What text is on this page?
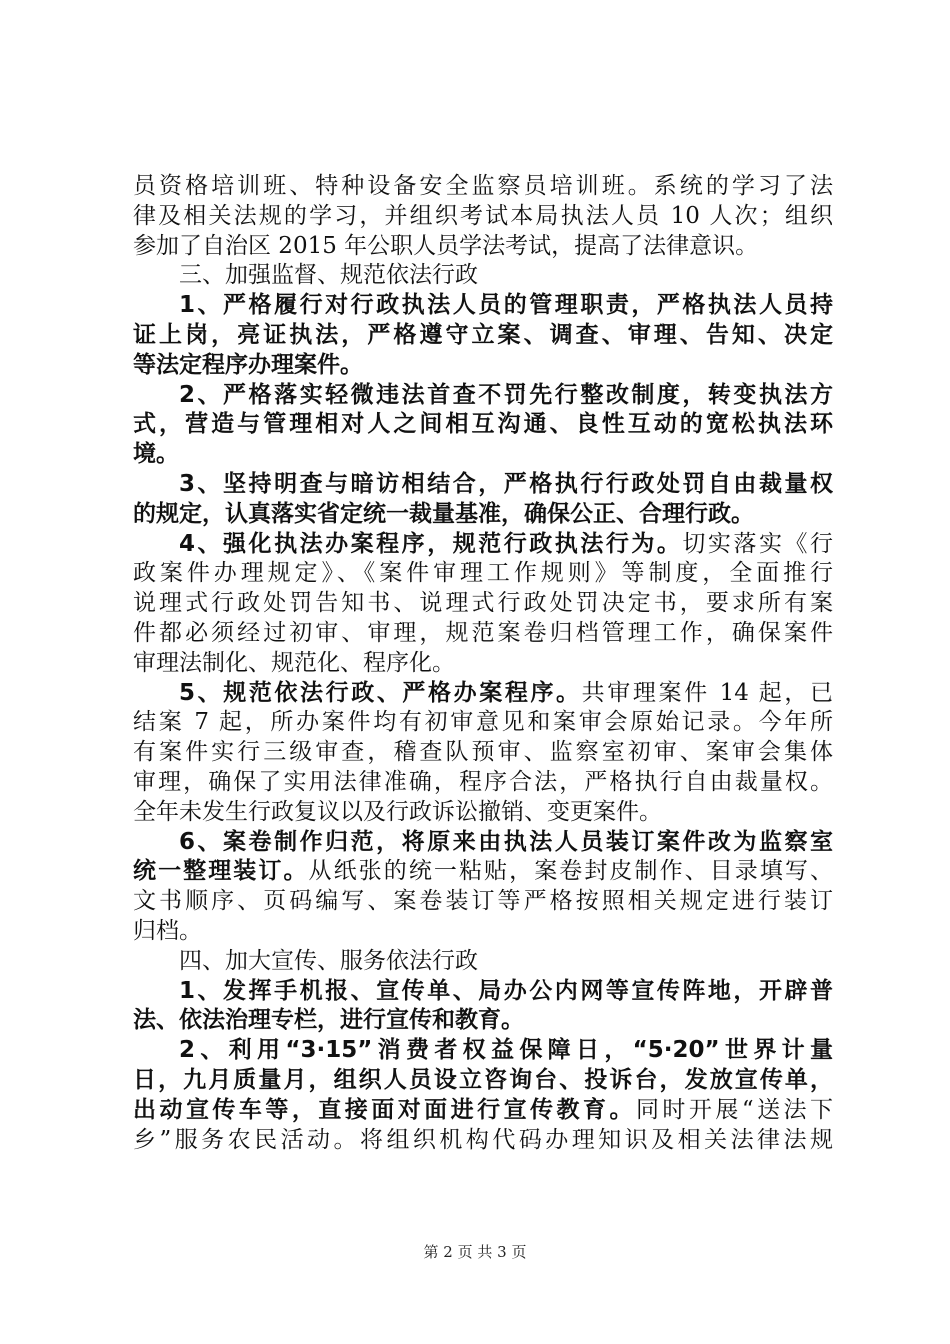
员资格培训班、特种设备安全监察员培训班。系统的学习了法
律及相关法规的学习，并组织考试本局执法人员 10 人次；组织
参加了自治区 2015 年公职人员学法考试，提高了法律意识。
三、加强监督、规范依法行政
1、严格履行对行政执法人员的管理职责，严格执法人员持
证上岗，亮证执法，严格遵守立案、调查、审理、告知、决定
等法定程序办理案件。
2、严格落实轻微违法首查不罚先行整改制度，转变执法方
式，营造与管理相对人之间相互沟通、良性互动的宽松执法环
境。
3、坚持明查与暗访相结合，严格执行行政处罚自由裁量权
的规定，认真落实省定统一裁量基准，确保公正、合理行政。
4、强化执法办案程序，规范行政执法行为。切实落实《行
政案件办理规定》、《案件审理工作规则》等制度，全面推行
说理式行政处罚告知书、说理式行政处罚决定书，要求所有案
件都必须经过初审、审理，规范案卷归档管理工作，确保案件
审理法制化、规范化、程序化。
5、规范依法行政、严格办案程序。共审理案件 14 起，已
结案 7 起，所办案件均有初审意见和案审会原始记录。今年所
有案件实行三级审查，稽查队预审、监察室初审、案审会集体
审理，确保了实用法律准确，程序合法，严格执行自由裁量权。
全年未发生行政复议以及行政诉讼撤销、变更案件。
6、案卷制作归范，将原来由执法人员装订案件改为监察室
统一整理装订。从纸张的统一粘贴，案卷封皮制作、目录填写、
文书顺序、页码编写、案卷装订等严格按照相关规定进行装订
归档。
四、加大宣传、服务依法行政
1、发挥手机报、宣传单、局办公内网等宣传阵地，开辟普
法、依法治理专栏，进行宣传和教育。
2、利用“3·15”消费者权益保障日，“5·20”世界计量
日，九月质量月，组织人员设立咨询台、投诉台，发放宣传单，
出动宣传车等，直接面对面进行宣传教育。同时开展“送法下
乡”服务农民活动。将组织机构代码办理知识及相关法律法规
第 2 页 共 3 页
